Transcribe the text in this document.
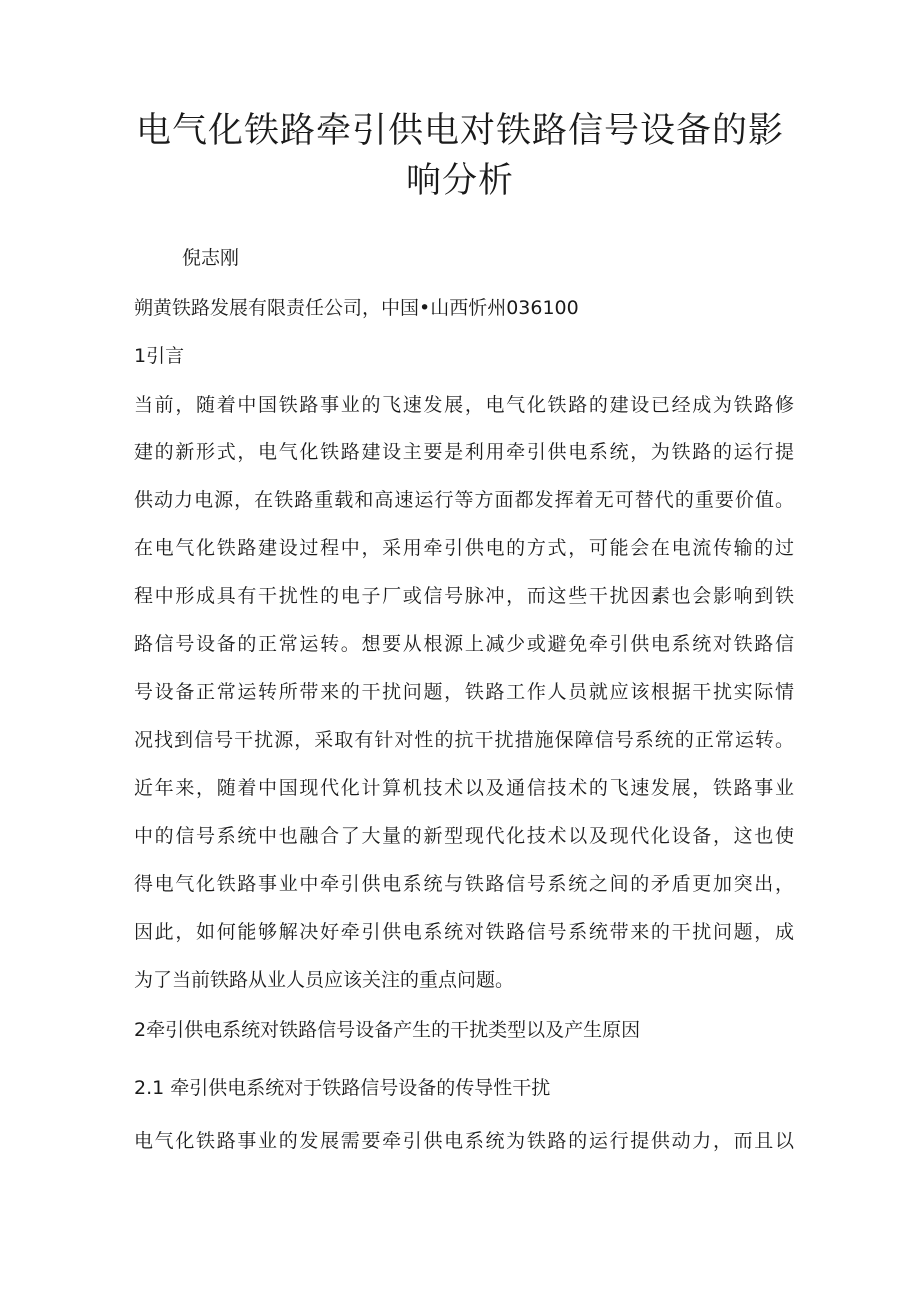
电气化铁路牵引供电对铁路信号设备的影
响分析

倪志刚

朔黄铁路发展有限责任公司，中国•山西忻州036100

1引言

当前，随着中国铁路事业的飞速发展，电气化铁路的建设已经成为铁路修

建的新形式，电气化铁路建设主要是利用牵引供电系统，为铁路的运行提

供动力电源，在铁路重载和高速运行等方面都发挥着无可替代的重要价值。

在电气化铁路建设过程中，采用牵引供电的方式，可能会在电流传输的过

程中形成具有干扰性的电子厂或信号脉冲，而这些干扰因素也会影响到铁

路信号设备的正常运转。想要从根源上减少或避免牵引供电系统对铁路信

号设备正常运转所带来的干扰问题，铁路工作人员就应该根据干扰实际情

况找到信号干扰源，采取有针对性的抗干扰措施保障信号系统的正常运转。

近年来，随着中国现代化计算机技术以及通信技术的飞速发展，铁路事业

中的信号系统中也融合了大量的新型现代化技术以及现代化设备，这也使

得电气化铁路事业中牵引供电系统与铁路信号系统之间的矛盾更加突出，

因此，如何能够解决好牵引供电系统对铁路信号系统带来的干扰问题，成

为了当前铁路从业人员应该关注的重点问题。

2牵引供电系统对铁路信号设备产生的干扰类型以及产生原因

2.1 牵引供电系统对于铁路信号设备的传导性干扰

电气化铁路事业的发展需要牵引供电系统为铁路的运行提供动力，而且以
